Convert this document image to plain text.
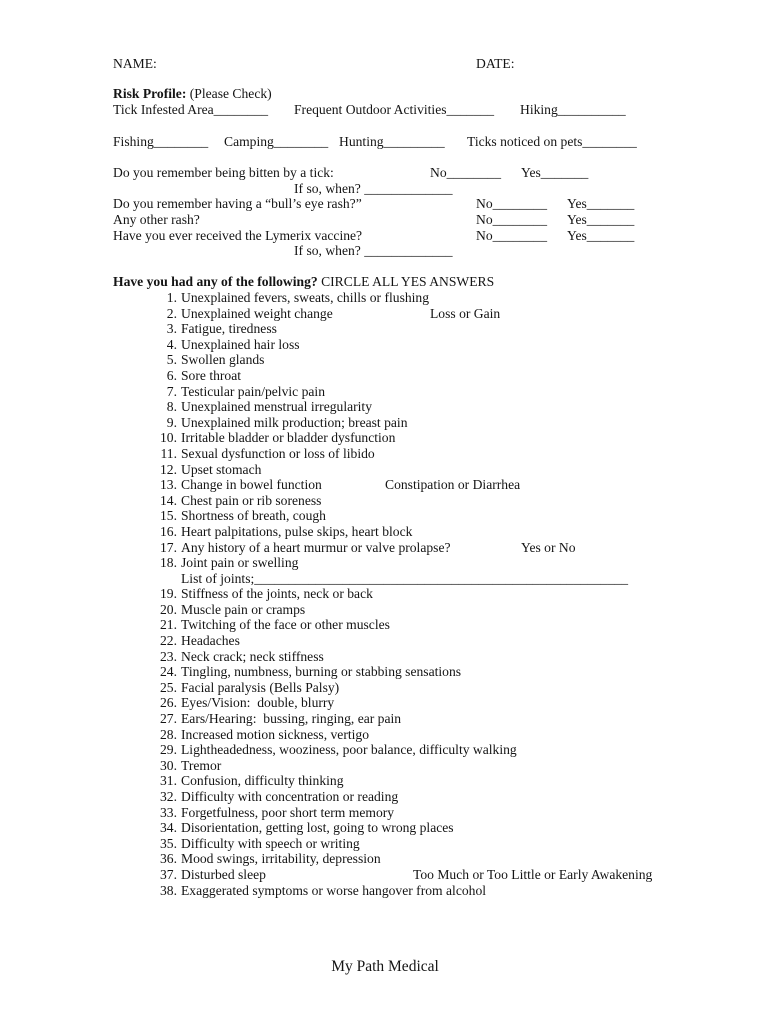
NAME:	DATE:
Risk Profile: (Please Check)
Tick Infested Area________ Frequent Outdoor Activities_______ Hiking__________
Fishing________ Camping________ Hunting_________ Ticks noticed on pets________
Do you remember being bitten by a tick:	No________ Yes_______
If so, when? _____________
Do you remember having a “bull’s eye rash?”	No________ Yes_______
Any other rash?	No________ Yes_______
Have you ever received the Lymerix vaccine?	No________ Yes_______
If so, when? _____________
Have you had any of the following? CIRCLE ALL YES ANSWERS
1. Unexplained fevers, sweats, chills or flushing
2. Unexplained weight change	Loss or Gain
3. Fatigue, tiredness
4. Unexplained hair loss
5. Swollen glands
6. Sore throat
7. Testicular pain/pelvic pain
8. Unexplained menstrual irregularity
9. Unexplained milk production; breast pain
10. Irritable bladder or bladder dysfunction
11. Sexual dysfunction or loss of libido
12. Upset stomach
13. Change in bowel function	Constipation or Diarrhea
14. Chest pain or rib soreness
15. Shortness of breath, cough
16. Heart palpitations, pulse skips, heart block
17. Any history of a heart murmur or valve prolapse?	Yes or No
18. Joint pain or swelling
List of joints;_______________________________________________________
19. Stiffness of the joints, neck or back
20. Muscle pain or cramps
21. Twitching of the face or other muscles
22. Headaches
23. Neck crack; neck stiffness
24. Tingling, numbness, burning or stabbing sensations
25. Facial paralysis (Bells Palsy)
26. Eyes/Vision:  double, blurry
27. Ears/Hearing:  bussing, ringing, ear pain
28. Increased motion sickness, vertigo
29. Lightheadedness, wooziness, poor balance, difficulty walking
30. Tremor
31. Confusion, difficulty thinking
32. Difficulty with concentration or reading
33. Forgetfulness, poor short term memory
34. Disorientation, getting lost, going to wrong places
35. Difficulty with speech or writing
36. Mood swings, irritability, depression
37. Disturbed sleep	Too Much or Too Little or Early Awakening
38. Exaggerated symptoms or worse hangover from alcohol
My Path Medical
